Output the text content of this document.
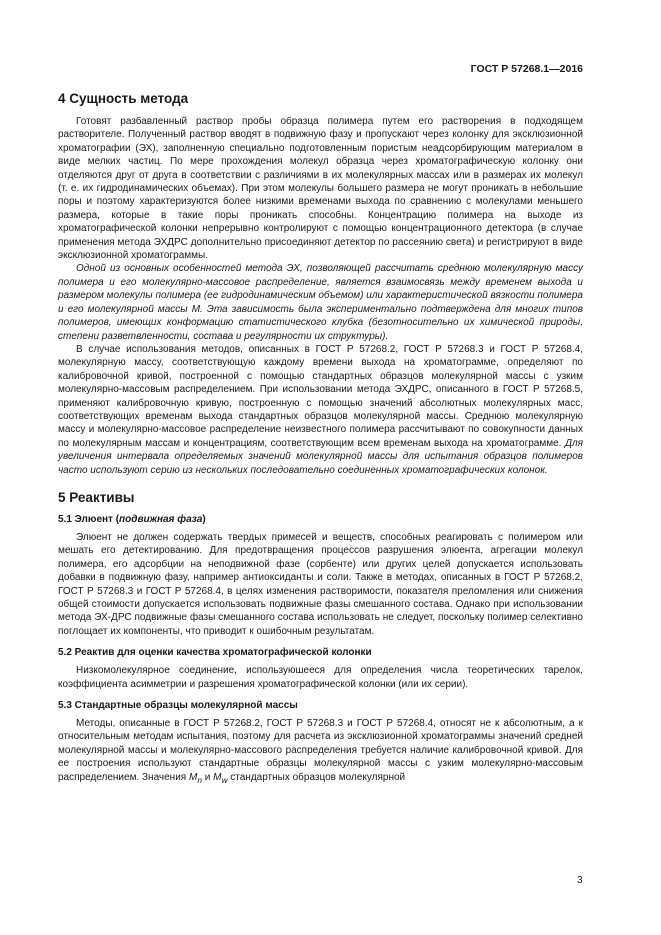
ГОСТ Р 57268.1—2016
4 Сущность метода

Готовят разбавленный раствор пробы образца полимера путем его растворения в подходящем растворителе. Полученный раствор вводят в подвижную фазу и пропускают через колонку для эксклюзионной хроматографии (ЭХ), заполненную специально подготовленным пористым неадсорбирующим материалом в виде мелких частиц. По мере прохождения молекул образца через хроматографическую колонку они отделяются друг от друга в соответствии с различиями в их молекулярных массах или в размерах их молекул (т. е. их гидродинамических объемах). При этом молекулы большего размера не могут проникать в небольшие поры и поэтому характеризуются более низкими временами выхода по сравнению с молекулами меньшего размера, которые в такие поры проникать способны. Концентрацию полимера на выходе из хроматографической колонки непрерывно контролируют с помощью концентрационного детектора (в случае применения метода ЭХДРС дополнительно присоединяют детектор по рассеянию света) и регистрируют в виде эксклюзионной хроматограммы.

Одной из основных особенностей метода ЭХ, позволяющей рассчитать среднюю молекулярную массу полимера и его молекулярно-массовое распределение, является взаимосвязь между временем выхода и размером молекулы полимера (ее гидродинамическим объемом) или характеристической вязкости полимера и его молекулярной массы М. Эта зависимость была экспериментально подтверждена для многих типов полимеров, имеющих конформацию статистического клубка (безотносительно их химической природы, степени разветвленности, состава и регулярности их структуры).

В случае использования методов, описанных в ГОСТ Р 57268.2, ГОСТ Р 57268.3 и ГОСТ Р 57268.4, молекулярную массу, соответствующую каждому времени выхода на хроматограмме, определяют по калибровочной кривой, построенной с помощью стандартных образцов молекулярной массы с узким молекулярно-массовым распределением. При использовании метода ЭХДРС, описанного в ГОСТ Р 57268.5, применяют калибровочную кривую, построенную с помощью значений абсолютных молекулярных масс, соответствующих временам выхода стандартных образцов молекулярной массы. Среднюю молекулярную массу и молекулярно-массовое распределение неизвестного полимера рассчитывают по совокупности данных по молекулярным массам и концентрациям, соответствующим всем временам выхода на хроматограмме. Для увеличения интервала определяемых значений молекулярной массы для испытания образцов полимеров часто используют серию из нескольких последовательно соединенных хроматографических колонок.

5 Реактивы
5.1 Элюент (подвижная фаза)

Элюент не должен содержать твердых примесей и веществ, способных реагировать с полимером или мешать его детектированию. Для предотвращения процессов разрушения элюента, агрегации молекул полимера, его адсорбции на неподвижной фазе (сорбенте) или других целей допускается использовать добавки в подвижную фазу, например антиоксиданты и соли. Также в методах, описанных в ГОСТ Р 57268.2, ГОСТ Р 57268.3 и ГОСТ Р 57268.4, в целях изменения растворимости, показателя преломления или снижения общей стоимости допускается использовать подвижные фазы смешанного состава. Однако при использовании метода ЭХ-ДРС подвижные фазы смешанного состава использовать не следует, поскольку полимер селективно поглощает их компоненты, что приводит к ошибочным результатам.

5.2 Реактив для оценки качества хроматографической колонки

Низкомолекулярное соединение, используюшееся для определения числа теоретических тарелок, коэффициента асимметрии и разрешения хроматографической колонки (или их серии).

5.3 Стандартные образцы молекулярной массы

Методы, описанные в ГОСТ Р 57268.2, ГОСТ Р 57268.3 и ГОСТ Р 57268.4, относят не к абсолютным, а к относительным методам испытания, поэтому для расчета из эксклюзионной хроматограммы значений средней молекулярной массы и молекулярно-массового распределения требуется наличие калибровочной кривой. Для ее построения используют стандартные образцы молекулярной массы с узким молекулярно-массовым распределением. Значения $M_n$ и $M_w$ стандартных образцов молекулярной

3
